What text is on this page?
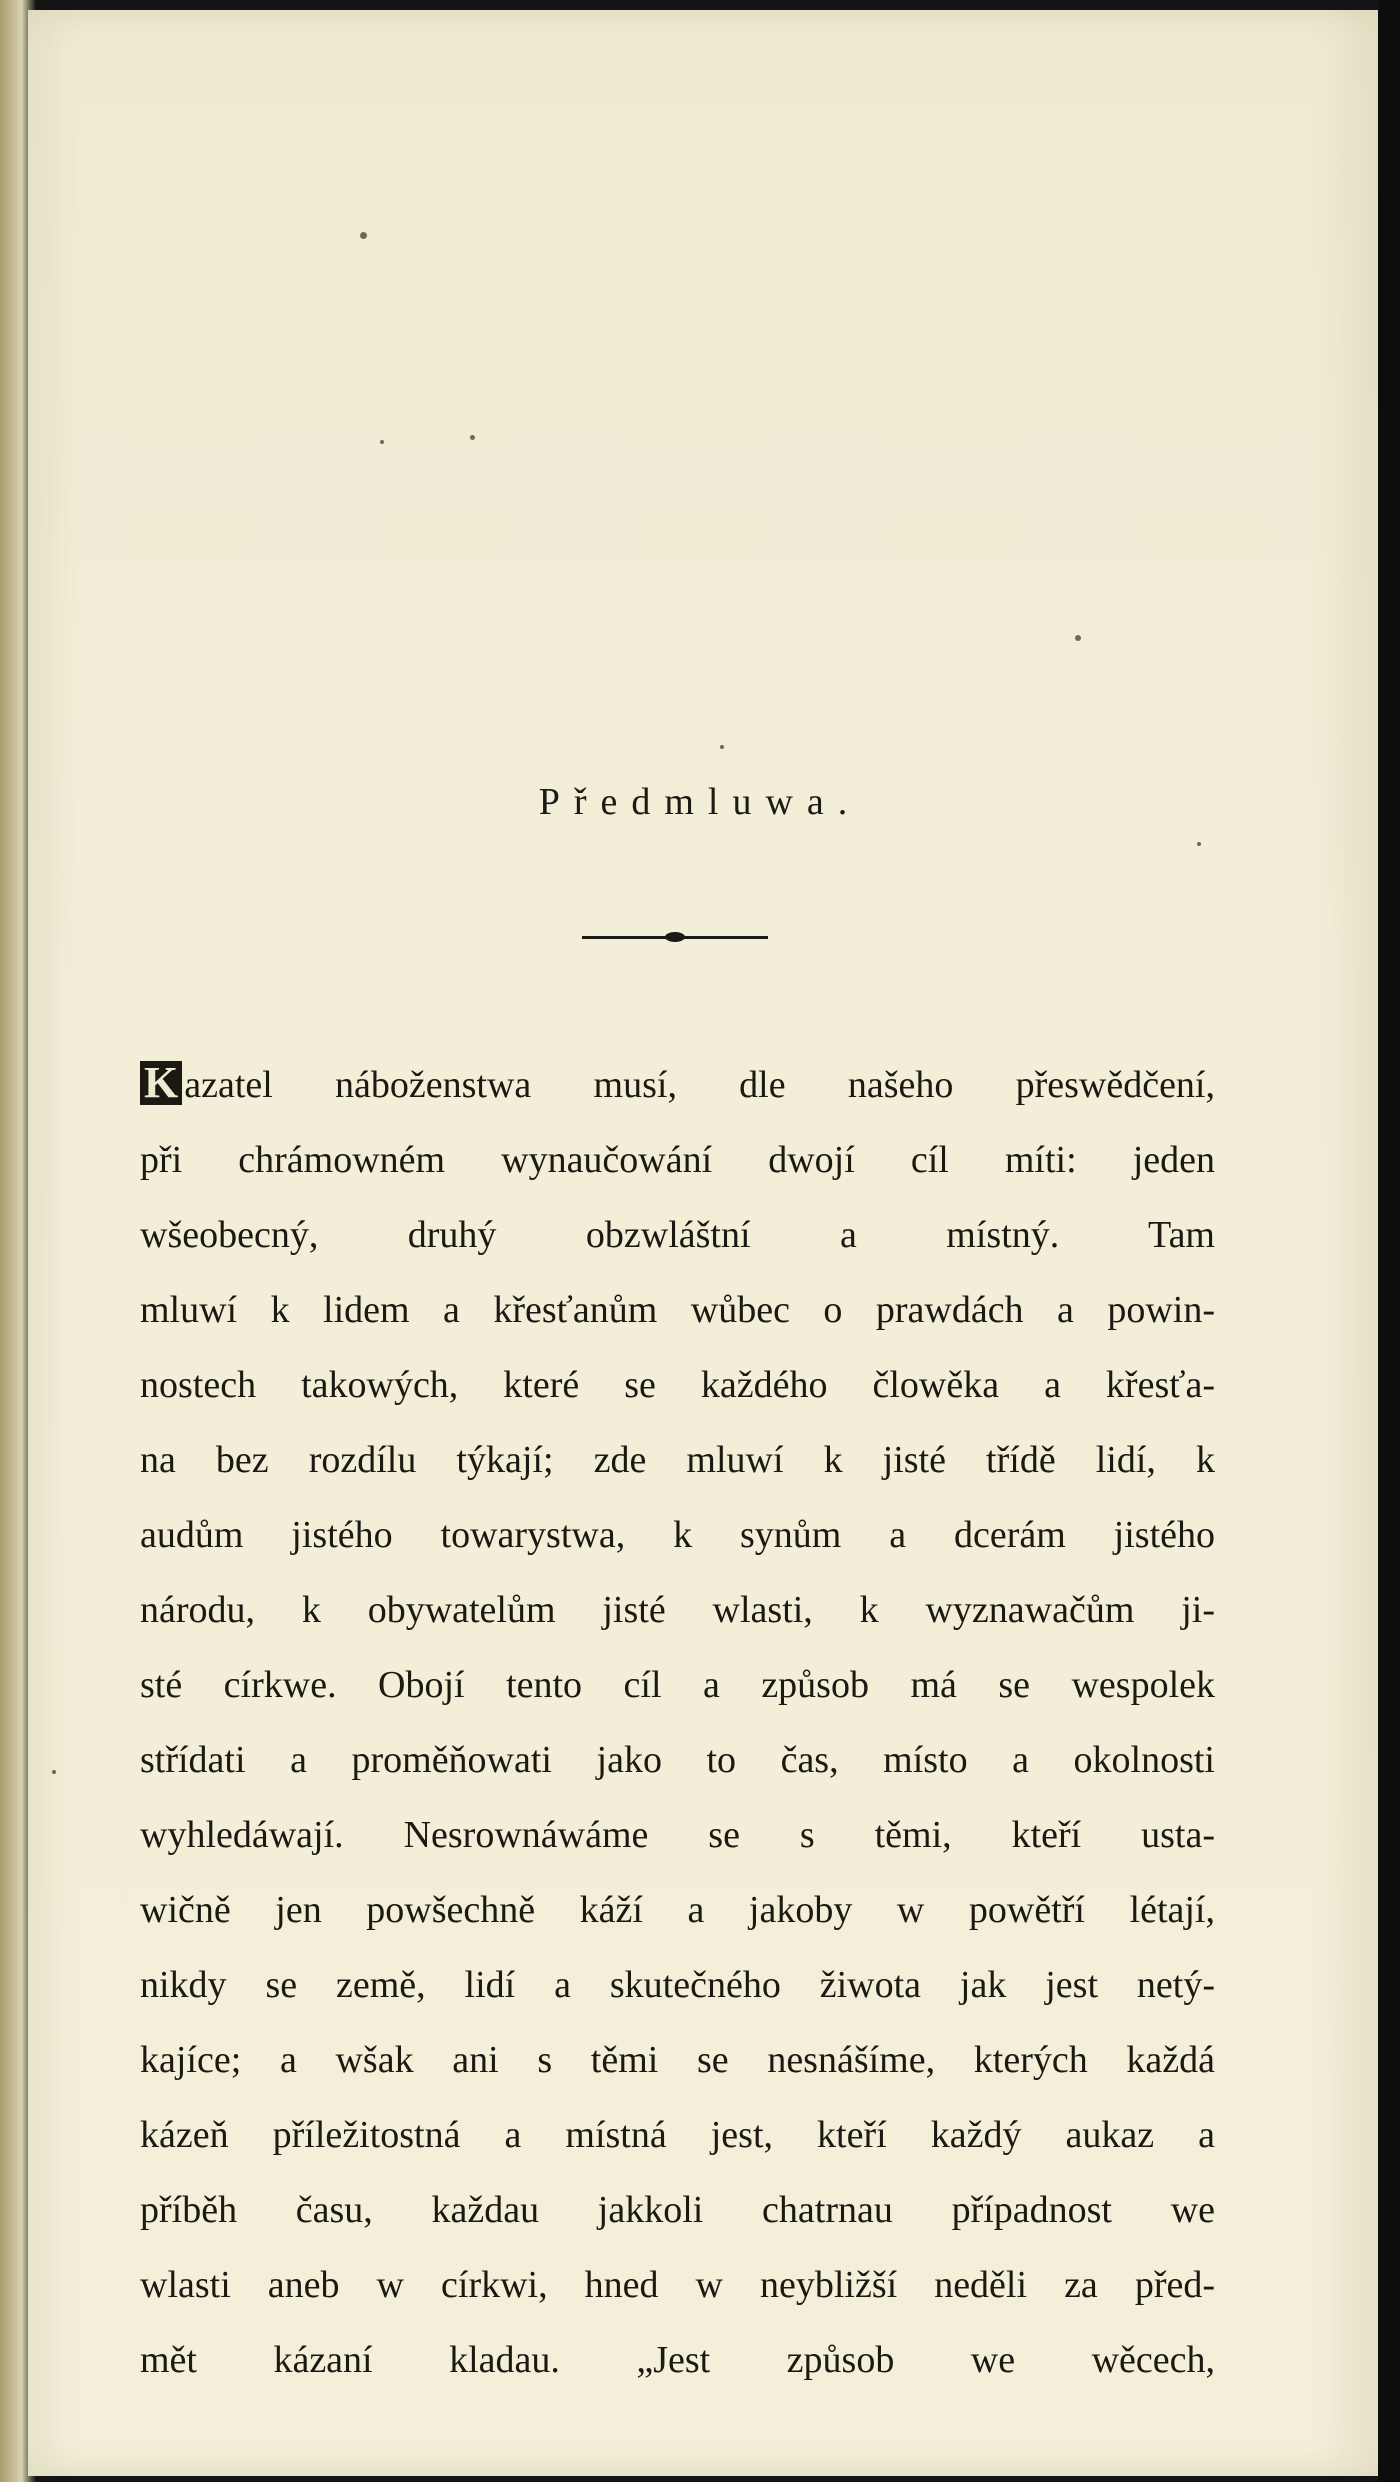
Předmluwa.
K azatel náboženstwa musí, dle našeho přeswědčení,
při chrámowném wynaučowání dwojí cíl míti: jeden
wšeobecný, druhý obzwláštní a místný. Tam
mluwí k lidem a křesťanům wůbec o prawdách a powin-
nostech takowých, které se každého člowěka a křesťa-
na bez rozdílu týkají; zde mluwí k jisté třídě lidí, k
audům jistého towarystwa, k synům a dcerám jistého
národu, k obywatelům jisté wlasti, k wyznawačům ji-
sté církwe. Obojí tento cíl a způsob má se wespolek
střídati a proměňowati jako to čas, místo a okolnosti
wyhledáwají. Nesrownáwáme se s těmi, kteří usta-
wičně jen powšechně káží a jakoby w powětří létají,
nikdy se země, lidí a skutečného žiwota jak jest netý-
kajíce; a wšak ani s těmi se nesnášíme, kterých každá
kázeň příležitostná a místná jest, kteří každý aukaz a
příběh času, každau jakkoli chatrnau případnost we
wlasti aneb w církwi, hned w neybližší neděli za před-
mět kázaní kladau. „Jest způsob we wěcech,
